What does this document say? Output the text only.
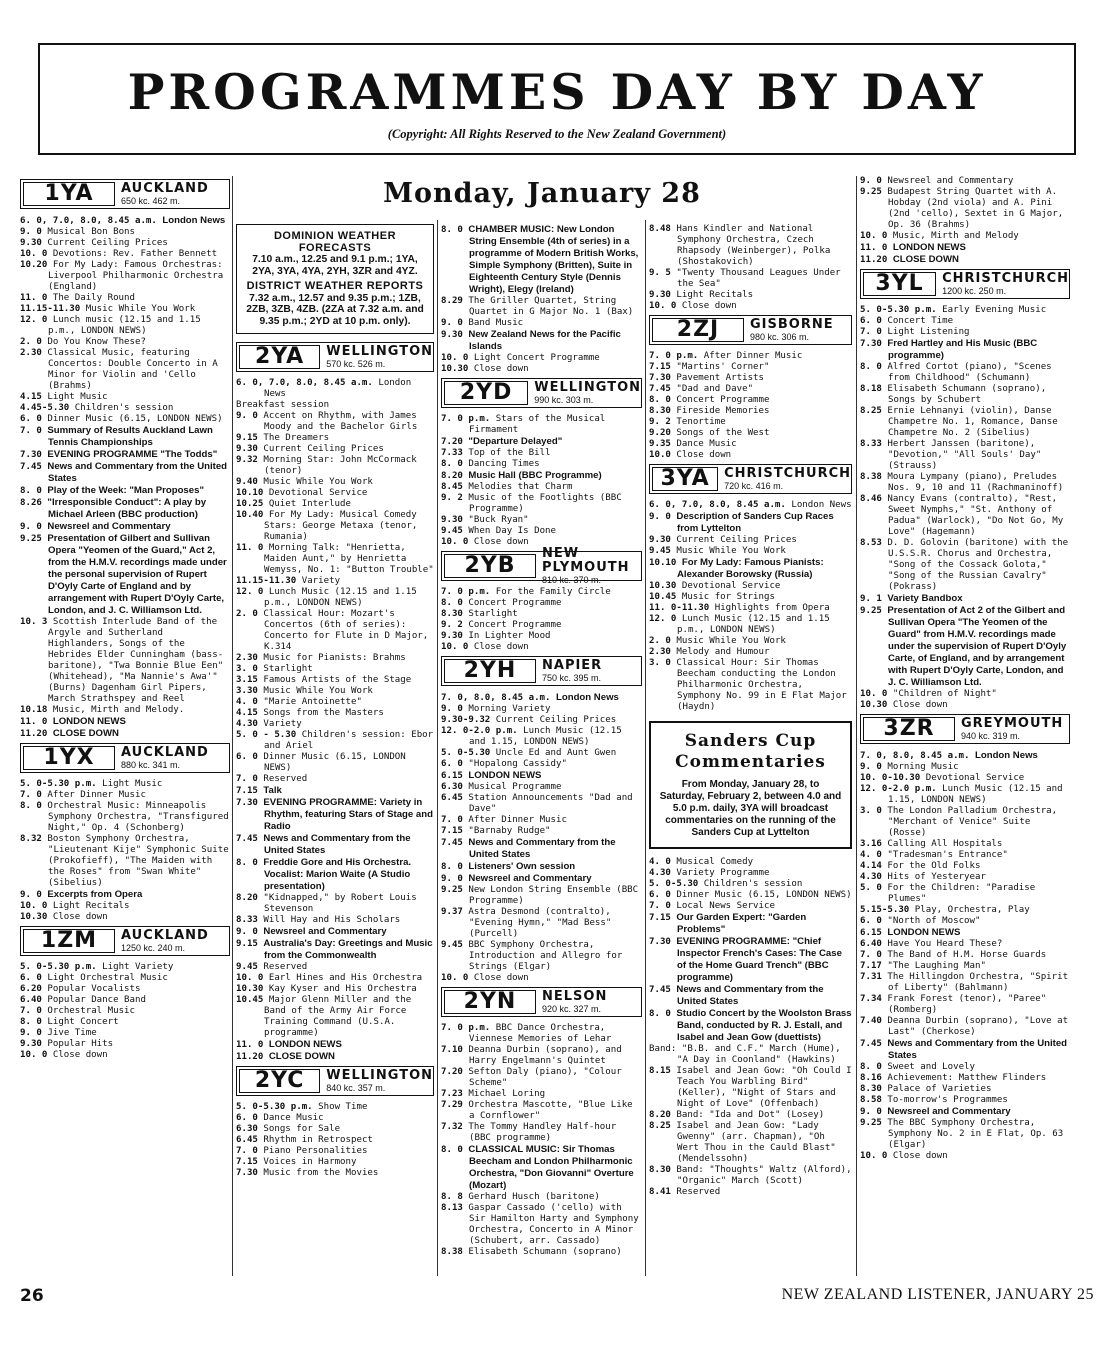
PROGRAMMES DAY BY DAY
(Copyright: All Rights Reserved to the New Zealand Government)
1YA	AUCKLAND
650 kc. 462 m.
6. 0, 7.0, 8.0, 8.45 a.m. London News
9. 0 Musical Bon Bons
9.30 Current Ceiling Prices
10. 0 Devotions: Rev. Father Bennett
10.20 For My Lady: Famous Orchestras: Liverpool Philharmonic Orchestra (England)
11. 0 The Daily Round
11.15-11.30 Music While You Work
12. 0 Lunch music (12.15 and 1.15 p.m., LONDON NEWS)
2. 0 Do You Know These?
2.30 Classical Music, featuring Concertos: Double Concerto in A Minor for Violin and 'Cello (Brahms)
4.15 Light Music
4.45-5.30 Children's session
6. 0 Dinner Music (6.15, LONDON NEWS)
7. 0 Summary of Results Auckland Lawn Tennis Championships
7.30 EVENING PROGRAMME "The Todds"
7.45 News and Commentary from the United States
8. 0 Play of the Week: "Man Proposes"
8.26 "Irresponsible Conduct": A play by Michael Arleen (BBC production)
9. 0 Newsreel and Commentary
9.25 Presentation of Gilbert and Sullivan Opera "Yeomen of the Guard," Act 2, from the H.M.V. recordings made under the personal supervision of Rupert D'Oyly Carte of England and by arrangement with Rupert D'Oyly Carte, London, and J. C. Williamson Ltd.
10. 3 Scottish Interlude Band of the Argyle and Sutherland Highlanders, Songs of the Hebrides Elder Cunningham (bass-baritone), "Twa Bonnie Blue Een" (Whitehead), "Ma Nannie's Awa'" (Burns) Dagenham Girl Pipers, March Strathspey and Reel
10.18 Music, Mirth and Melody.
11. 0 LONDON NEWS
11.20 CLOSE DOWN
1YX	AUCKLAND
880 kc. 341 m.
5. 0-5.30 p.m. Light Music
7. 0 After Dinner Music
8. 0 Orchestral Music: Minneapolis Symphony Orchestra, "Transfigured Night," Op. 4 (Schonberg)
8.32 Boston Symphony Orchestra, "Lieutenant Kije" Symphonic Suite (Prokofieff), "The Maiden with the Roses" from "Swan White" (Sibelius)
9. 0 Excerpts from Opera
10. 0 Light Recitals
10.30 Close down
1ZM	AUCKLAND
1250 kc. 240 m.
5. 0-5.30 p.m. Light Variety
6. 0 Light Orchestral Music
6.20 Popular Vocalists
6.40 Popular Dance Band
7. 0 Orchestral Music
8. 0 Light Concert
9. 0 Jive Time
9.30 Popular Hits
10. 0 Close down
Monday, January 28
DOMINION WEATHER FORECASTS
7.10 a.m., 12.25 and 9.1 p.m.; 1YA, 2YA, 3YA, 4YA, 2YH, 3ZR and 4YZ.
DISTRICT WEATHER REPORTS
7.32 a.m., 12.57 and 9.35 p.m.; 1ZB, 2ZB, 3ZB, 4ZB. (2ZA at 7.32 a.m. and 9.35 p.m.; 2YD at 10 p.m. only).
2YA	WELLINGTON
570 kc. 526 m.
6. 0, 7.0, 8.0, 8.45 a.m. London News
Breakfast session
9. 0 Accent on Rhythm, with James Moody and the Bachelor Girls
9.15 The Dreamers
9.30 Current Ceiling Prices
9.32 Morning Star: John McCormack (tenor)
9.40 Music While You Work
10.10 Devotional Service
10.25 Quiet Interlude
10.40 For My Lady: Musical Comedy Stars: George Metaxa (tenor, Rumania)
11. 0 Morning Talk: "Henrietta, Maiden Aunt," by Henrietta Wemyss, No. 1: "Button Trouble"
11.15-11.30 Variety
12. 0 Lunch Music (12.15 and 1.15 p.m., LONDON NEWS)
2. 0 Classical Hour: Mozart's Concertos (6th of series): Concerto for Flute in D Major, K.314
2.30 Music for Pianists: Brahms
3. 0 Starlight
3.15 Famous Artists of the Stage
3.30 Music While You Work
4. 0 "Marie Antoinette"
4.15 Songs from the Masters
4.30 Variety
5. 0 - 5.30 Children's session: Ebor and Ariel
6. 0 Dinner Music (6.15, LONDON NEWS)
7. 0 Reserved
7.15 Talk
7.30 EVENING PROGRAMME: Variety in Rhythm, featuring Stars of Stage and Radio
7.45 News and Commentary from the United States
8. 0 Freddie Gore and His Orchestra. Vocalist: Marion Waite (A Studio presentation)
8.20 "Kidnapped," by Robert Louis Stevenson
8.33 Will Hay and His Scholars
9. 0 Newsreel and Commentary
9.15 Australia's Day: Greetings and Music from the Commonwealth
9.45 Reserved
10. 0 Earl Hines and His Orchestra
10.30 Kay Kyser and His Orchestra
10.45 Major Glenn Miller and the Band of the Army Air Force Training Command (U.S.A. programme)
11. 0 LONDON NEWS
11.20 CLOSE DOWN
2YC	WELLINGTON
840 kc. 357 m.
5. 0-5.30 p.m. Show Time
6. 0 Dance Music
6.30 Songs for Sale
6.45 Rhythm in Retrospect
7. 0 Piano Personalities
7.15 Voices in Harmony
7.30 Music from the Movies
8. 0 CHAMBER MUSIC: New London String Ensemble (4th of series) in a programme of Modern British Works, Simple Symphony (Britten), Suite in Eighteenth Century Style (Dennis Wright), Elegy (Ireland)
8.29 The Griller Quartet, String Quartet in G Major No. 1 (Bax)
9. 0 Band Music
9.30 New Zealand News for the Pacific Islands
10. 0 Light Concert Programme
10.30 Close down
2YD	WELLINGTON
990 kc. 303 m.
7. 0 p.m. Stars of the Musical Firmament
7.20 "Departure Delayed"
7.33 Top of the Bill
8. 0 Dancing Times
8.20 Music Hall (BBC Programme)
8.45 Melodies that Charm
9. 2 Music of the Footlights (BBC Programme)
9.30 "Buck Ryan"
9.45 When Day Is Done
10. 0 Close down
2YB	NEW PLYMOUTH
810 kc. 370 m.
7. 0 p.m. For the Family Circle
8. 0 Concert Programme
8.30 Starlight
9. 2 Concert Programme
9.30 In Lighter Mood
10. 0 Close down
2YH	NAPIER
750 kc. 395 m.
7. 0, 8.0, 8.45 a.m. London News
9. 0 Morning Variety
9.30-9.32 Current Ceiling Prices
12. 0-2.0 p.m. Lunch Music (12.15 and 1.15, LONDON NEWS)
5. 0-5.30 Uncle Ed and Aunt Gwen
6. 0 "Hopalong Cassidy"
6.15 LONDON NEWS
6.30 Musical Programme
6.45 Station Announcements "Dad and Dave"
7. 0 After Dinner Music
7.15 "Barnaby Rudge"
7.45 News and Commentary from the United States
8. 0 Listeners' Own session
9. 0 Newsreel and Commentary
9.25 New London String Ensemble (BBC Programme)
9.37 Astra Desmond (contralto), "Evening Hymn," "Mad Bess" (Purcell)
9.45 BBC Symphony Orchestra, Introduction and Allegro for Strings (Elgar)
10. 0 Close down
2YN	NELSON
920 kc. 327 m.
7. 0 p.m. BBC Dance Orchestra, Viennese Memories of Lehar
7.10 Deanna Durbin (soprano), and Harry Engelmann's Quintet
7.20 Sefton Daly (piano), "Colour Scheme"
7.23 Michael Loring
7.29 Orchestra Mascotte, "Blue Like a Cornflower"
7.32 The Tommy Handley Half-hour (BBC programme)
8. 0 CLASSICAL MUSIC: Sir Thomas Beecham and London Philharmonic Orchestra, "Don Giovanni" Overture (Mozart)
8. 8 Gerhard Husch (baritone)
8.13 Gaspar Cassado ('cello) with Sir Hamilton Harty and Symphony Orchestra, Concerto in A Minor (Schubert, arr. Cassado)
8.38 Elisabeth Schumann (soprano)
8.48 Hans Kindler and National Symphony Orchestra, Czech Rhapsody (Weinberger), Polka (Shostakovich)
9. 5 "Twenty Thousand Leagues Under the Sea"
9.30 Light Recitals
10. 0 Close down
2ZJ	GISBORNE
980 kc. 306 m.
7. 0 p.m. After Dinner Music
7.15 "Martins' Corner"
7.30 Pavement Artists
7.45 "Dad and Dave"
8. 0 Concert Programme
8.30 Fireside Memories
9. 2 Tenortime
9.20 Songs of the West
9.35 Dance Music
10.0 Close down
3YA	CHRISTCHURCH
720 kc. 416 m.
6. 0, 7.0, 8.0, 8.45 a.m. London News
9. 0 Description of Sanders Cup Races from Lyttelton
9.30 Current Ceiling Prices
9.45 Music While You Work
10.10 For My Lady: Famous Pianists: Alexander Borowsky (Russia)
10.30 Devotional Service
10.45 Music for Strings
11. 0-11.30 Highlights from Opera
12. 0 Lunch Music (12.15 and 1.15 p.m., LONDON NEWS)
2. 0 Music While You Work
2.30 Melody and Humour
3. 0 Classical Hour: Sir Thomas Beecham conducting the London Philharmonic Orchestra, Symphony No. 99 in E Flat Major (Haydn)
Sanders Cup
Commentaries
From Monday, January 28, to Saturday, February 2, between 4.0 and 5.0 p.m. daily, 3YA will broadcast commentaries on the running of the Sanders Cup at Lyttelton
4. 0 Musical Comedy
4.30 Variety Programme
5. 0-5.30 Children's session
6. 0 Dinner Music (6.15, LONDON NEWS)
7. 0 Local News Service
7.15 Our Garden Expert: "Garden Problems"
7.30 EVENING PROGRAMME: "Chief Inspector French's Cases: The Case of the Home Guard Trench" (BBC programme)
7.45 News and Commentary from the United States
8. 0 Studio Concert by the Woolston Brass Band, conducted by R. J. Estall, and Isabel and Jean Gow (duettists)
Band: "B.B. and C.F." March (Hume), "A Day in Coonland" (Hawkins)
8.15 Isabel and Jean Gow: "Oh Could I Teach You Warbling Bird" (Keller), "Night of Stars and Night of Love" (Offenbach)
8.20 Band: "Ida and Dot" (Losey)
8.25 Isabel and Jean Gow: "Lady Gwenny" (arr. Chapman), "Oh Wert Thou in the Cauld Blast" (Mendelssohn)
8.30 Band: "Thoughts" Waltz (Alford), "Organic" March (Scott)
8.41 Reserved
9. 0 Newsreel and Commentary
9.25 Budapest String Quartet with A. Hobday (2nd viola) and A. Pini (2nd 'cello), Sextet in G Major, Op. 36 (Brahms)
10. 0 Music, Mirth and Melody
11. 0 LONDON NEWS
11.20 CLOSE DOWN
3YL	CHRISTCHURCH
1200 kc. 250 m.
5. 0-5.30 p.m. Early Evening Music
6. 0 Concert Time
7. 0 Light Listening
7.30 Fred Hartley and His Music (BBC programme)
8. 0 Alfred Cortot (piano), "Scenes from Childhood" (Schumann)
8.18 Elisabeth Schumann (soprano), Songs by Schubert
8.25 Ernie Lehnanyi (violin), Danse Champetre No. 1, Romance, Danse Champetre No. 2 (Sibelius)
8.33 Herbert Janssen (baritone), "Devotion," "All Souls' Day" (Strauss)
8.38 Moura Lympany (piano), Preludes Nos. 9, 10 and 11 (Rachmaninoff)
8.46 Nancy Evans (contralto), "Rest, Sweet Nymphs," "St. Anthony of Padua" (Warlock), "Do Not Go, My Love" (Hagemann)
8.53 D. D. Golovin (baritone) with the U.S.S.R. Chorus and Orchestra, "Song of the Cossack Golota," "Song of the Russian Cavalry" (Pokrass)
9. 1 Variety Bandbox
9.25 Presentation of Act 2 of the Gilbert and Sullivan Opera "The Yeomen of the Guard" from H.M.V. recordings made under the supervision of Rupert D'Oyly Carte, of England, and by arrangement with Rupert D'Oyly Carte, London, and J. C. Williamson Ltd.
10. 0 "Children of Night"
10.30 Close down
3ZR	GREYMOUTH
940 kc. 319 m.
7. 0, 8.0, 8.45 a.m. London News
9. 0 Morning Music
10. 0-10.30 Devotional Service
12. 0-2.0 p.m. Lunch Music (12.15 and 1.15, LONDON NEWS)
3. 0 The London Palladium Orchestra, "Merchant of Venice" Suite (Rosse)
3.16 Calling All Hospitals
4. 0 "Tradesman's Entrance"
4.14 For the Old Folks
4.30 Hits of Yesteryear
5. 0 For the Children: "Paradise Plumes"
5.15-5.30 Play, Orchestra, Play
6. 0 "North of Moscow"
6.15 LONDON NEWS
6.40 Have You Heard These?
7. 0 The Band of H.M. Horse Guards
7.17 "The Laughing Man"
7.31 The Hillingdon Orchestra, "Spirit of Liberty" (Bahlmann)
7.34 Frank Forest (tenor), "Paree" (Romberg)
7.40 Deanna Durbin (soprano), "Love at Last" (Cherkose)
7.45 News and Commentary from the United States
8. 0 Sweet and Lovely
8.16 Achievement: Matthew Flinders
8.30 Palace of Varieties
8.58 To-morrow's Programmes
9. 0 Newsreel and Commentary
9.25 The BBC Symphony Orchestra, Symphony No. 2 in E Flat, Op. 63 (Elgar)
10. 0 Close down
26	NEW ZEALAND LISTENER, JANUARY 25
